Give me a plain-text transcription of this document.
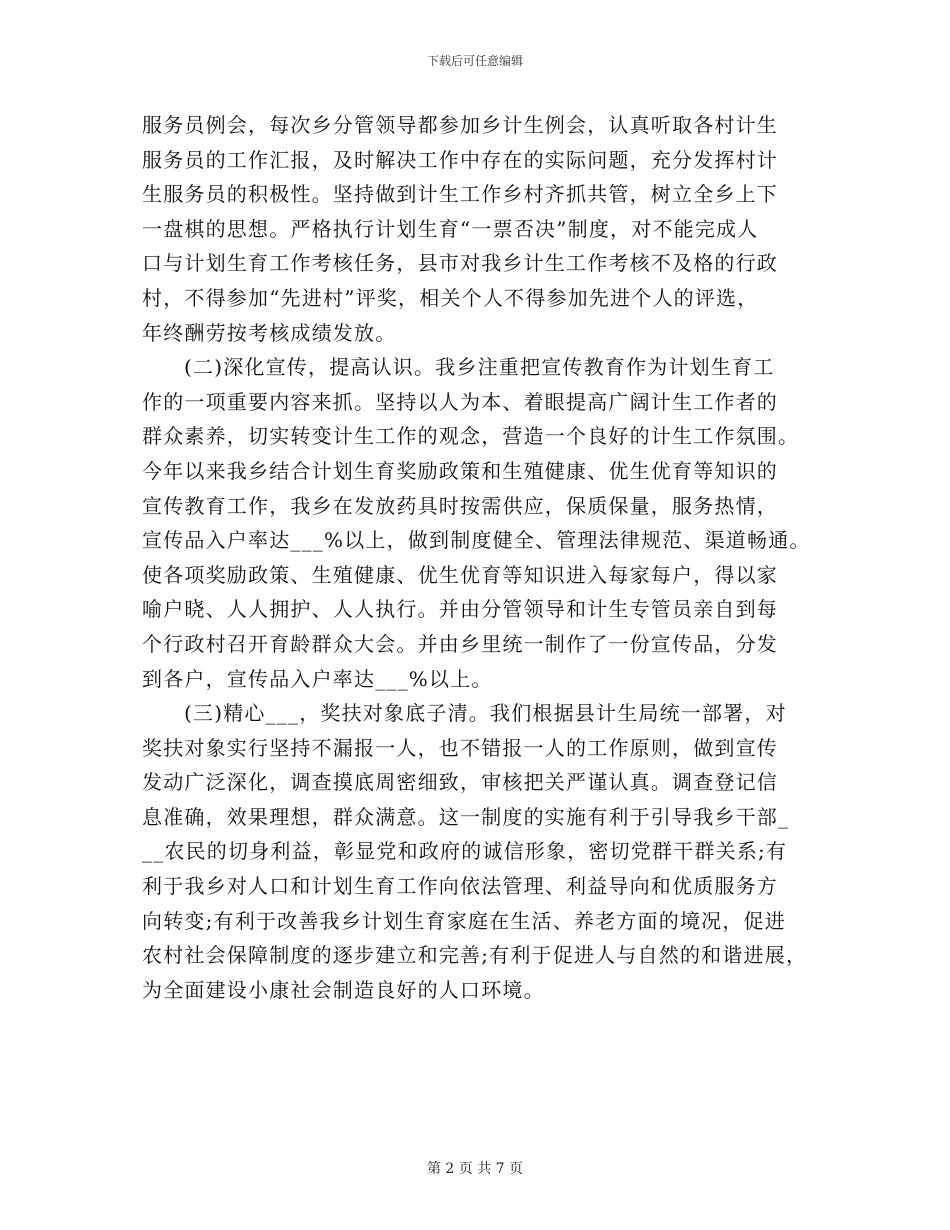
下载后可任意编辑
服务员例会，每次乡分管领导都参加乡计生例会，认真听取各村计生
服务员的工作汇报，及时解决工作中存在的实际问题，充分发挥村计
生服务员的积极性。坚持做到计生工作乡村齐抓共管，树立全乡上下
一盘棋的思想。严格执行计划生育“一票否决”制度，对不能完成人
口与计划生育工作考核任务，县市对我乡计生工作考核不及格的行政
村，不得参加“先进村”评奖，相关个人不得参加先进个人的评选，
年终酬劳按考核成绩发放。
(二)深化宣传，提高认识。我乡注重把宣传教育作为计划生育工
作的一项重要内容来抓。坚持以人为本、着眼提高广阔计生工作者的
群众素养，切实转变计生工作的观念，营造一个良好的计生工作氛围。
今年以来我乡结合计划生育奖励政策和生殖健康、优生优育等知识的
宣传教育工作，我乡在发放药具时按需供应，保质保量，服务热情，
宣传品入户率达___%以上，做到制度健全、管理法律规范、渠道畅通。
使各项奖励政策、生殖健康、优生优育等知识进入每家每户，得以家
喻户晓、人人拥护、人人执行。并由分管领导和计生专管员亲自到每
个行政村召开育龄群众大会。并由乡里统一制作了一份宣传品，分发
到各户，宣传品入户率达___%以上。
(三)精心___，奖扶对象底子清。我们根据县计生局统一部署，对
奖扶对象实行坚持不漏报一人，也不错报一人的工作原则，做到宣传
发动广泛深化，调查摸底周密细致，审核把关严谨认真。调查登记信
息准确，效果理想，群众满意。这一制度的实施有利于引导我乡干部_
__农民的切身利益，彰显党和政府的诚信形象，密切党群干群关系;有
利于我乡对人口和计划生育工作向依法管理、利益导向和优质服务方
向转变;有利于改善我乡计划生育家庭在生活、养老方面的境况，促进
农村社会保障制度的逐步建立和完善;有利于促进人与自然的和谐进展，
为全面建设小康社会制造良好的人口环境。
第 2 页 共 7 页
